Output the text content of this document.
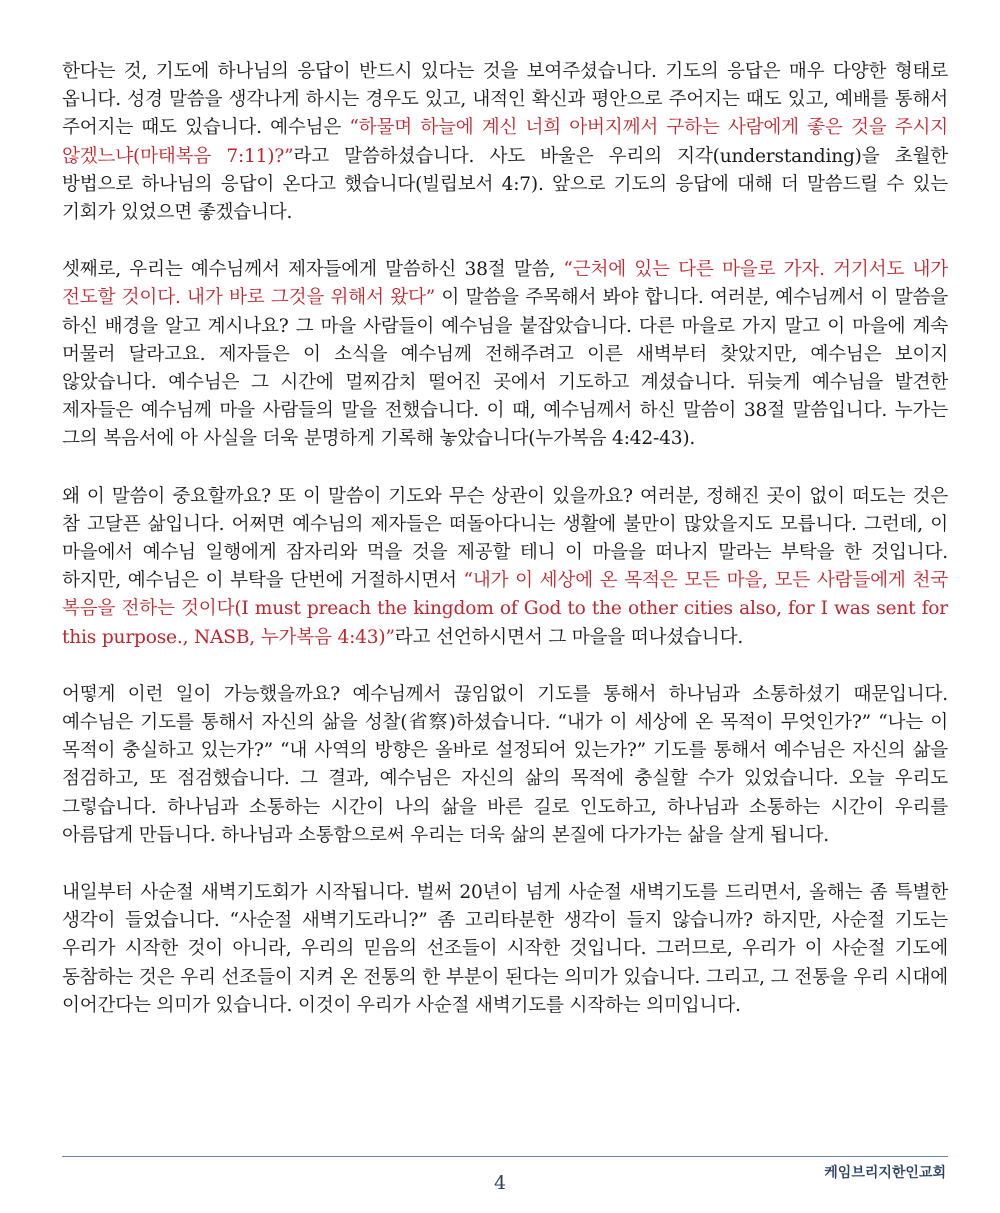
한다는 것, 기도에 하나님의 응답이 반드시 있다는 것을 보여주셨습니다. 기도의 응답은 매우 다양한 형태로 옵니다. 성경 말씀을 생각나게 하시는 경우도 있고, 내적인 확신과 평안으로 주어지는 때도 있고, 예배를 통해서 주어지는 때도 있습니다. 예수님은 “하물며 하늘에 계신 너희 아버지께서 구하는 사람에게 좋은 것을 주시지 않겠느냐(마태복음 7:11)?”라고 말씀하셨습니다. 사도 바울은 우리의 지각(understanding)을 초월한 방법으로 하나님의 응답이 온다고 했습니다(빌립보서 4:7). 앞으로 기도의 응답에 대해 더 말씀드릴 수 있는 기회가 있었으면 좋겠습니다.

셋째로, 우리는 예수님께서 제자들에게 말씀하신 38절 말씀, “근처에 있는 다른 마을로 가자. 거기서도 내가 전도할 것이다. 내가 바로 그것을 위해서 왔다” 이 말씀을 주목해서 봐야 합니다. 여러분, 예수님께서 이 말씀을 하신 배경을 알고 계시나요? 그 마을 사람들이 예수님을 붙잡았습니다. 다른 마을로 가지 말고 이 마을에 계속 머물러 달라고요. 제자들은 이 소식을 예수님께 전해주려고 이른 새벽부터 찾았지만, 예수님은 보이지 않았습니다. 예수님은 그 시간에 멀찌감치 떨어진 곳에서 기도하고 계셨습니다. 뒤늦게 예수님을 발견한 제자들은 예수님께 마을 사람들의 말을 전했습니다. 이 때, 예수님께서 하신 말씀이 38절 말씀입니다. 누가는 그의 복음서에 아 사실을 더욱 분명하게 기록해 놓았습니다(누가복음 4:42-43).

왜 이 말씀이 중요할까요? 또 이 말씀이 기도와 무슨 상관이 있을까요? 여러분, 정해진 곳이 없이 떠도는 것은 참 고달픈 삶입니다. 어쩌면 예수님의 제자들은 떠돌아다니는 생활에 불만이 많았을지도 모릅니다. 그런데, 이 마을에서 예수님 일행에게 잠자리와 먹을 것을 제공할 테니 이 마을을 떠나지 말라는 부탁을 한 것입니다. 하지만, 예수님은 이 부탁을 단번에 거절하시면서 “내가 이 세상에 온 목적은 모든 마을, 모든 사람들에게 천국 복음을 전하는 것이다(I must preach the kingdom of God to the other cities also, for I was sent for this purpose., NASB, 누가복음 4:43)”라고 선언하시면서 그 마을을 떠나셨습니다.

어떻게 이런 일이 가능했을까요? 예수님께서 끊임없이 기도를 통해서 하나님과 소통하셨기 때문입니다. 예수님은 기도를 통해서 자신의 삶을 성찰(省察)하셨습니다. “내가 이 세상에 온 목적이 무엇인가?” “나는 이 목적이 충실하고 있는가?” “내 사역의 방향은 올바로 설정되어 있는가?” 기도를 통해서 예수님은 자신의 삶을 점검하고, 또 점검했습니다. 그 결과, 예수님은 자신의 삶의 목적에 충실할 수가 있었습니다. 오늘 우리도 그렇습니다. 하나님과 소통하는 시간이 나의 삶을 바른 길로 인도하고, 하나님과 소통하는 시간이 우리를 아름답게 만듭니다. 하나님과 소통함으로써 우리는 더욱 삶의 본질에 다가가는 삶을 살게 됩니다.

내일부터 사순절 새벽기도회가 시작됩니다. 벌써 20년이 넘게 사순절 새벽기도를 드리면서, 올해는 좀 특별한 생각이 들었습니다. “사순절 새벽기도라니?” 좀 고리타분한 생각이 들지 않습니까? 하지만, 사순절 기도는 우리가 시작한 것이 아니라, 우리의 믿음의 선조들이 시작한 것입니다. 그러므로, 우리가 이 사순절 기도에 동참하는 것은 우리 선조들이 지켜 온 전통의 한 부분이 된다는 의미가 있습니다. 그리고, 그 전통을 우리 시대에 이어간다는 의미가 있습니다. 이것이 우리가 사순절 새벽기도를 시작하는 의미입니다.

4	케임브리지한인교회
